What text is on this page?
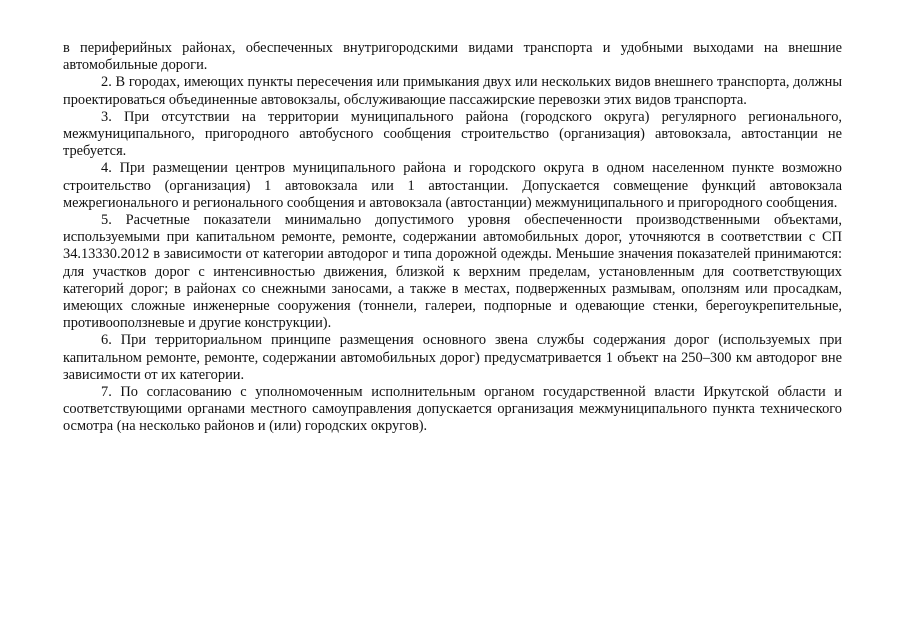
в периферийных районах, обеспеченных внутригородскими видами транспорта и удобными выходами на внешние автомобильные дороги.

2. В городах, имеющих пункты пересечения или примыкания двух или нескольких видов внешнего транспорта, должны проектироваться объединенные автовокзалы, обслуживающие пассажирские перевозки этих видов транспорта.

3. При отсутствии на территории муниципального района (городского округа) регулярного регионального, межмуниципального, пригородного автобусного сообщения строительство (организация) автовокзала, автостанции не требуется.

4. При размещении центров муниципального района и городского округа в одном населенном пункте возможно строительство (организация) 1 автовокзала или 1 автостанции. Допускается совмещение функций автовокзала межрегионального и регионального сообщения и автовокзала (автостанции) межмуниципального и пригородного сообщения.

5. Расчетные показатели минимально допустимого уровня обеспеченности производственными объектами, используемыми при капитальном ремонте, ремонте, содержании автомобильных дорог, уточняются в соответствии с СП 34.13330.2012 в зависимости от категории автодорог и типа дорожной одежды. Меньшие значения показателей принимаются: для участков дорог с интенсивностью движения, близкой к верхним пределам, установленным для соответствующих категорий дорог; в районах со снежными заносами, а также в местах, подверженных размывам, оползням или просадкам, имеющих сложные инженерные сооружения (тоннели, галереи, подпорные и одевающие стенки, берегоукрепительные, противооползневые и другие конструкции).

6. При территориальном принципе размещения основного звена службы содержания дорог (используемых при капитальном ремонте, ремонте, содержании автомобильных дорог) предусматривается 1 объект на 250–300 км автодорог вне зависимости от их категории.

7. По согласованию с уполномоченным исполнительным органом государственной власти Иркутской области и соответствующими органами местного самоуправления допускается организация межмуниципального пункта технического осмотра (на несколько районов и (или) городских округов).
